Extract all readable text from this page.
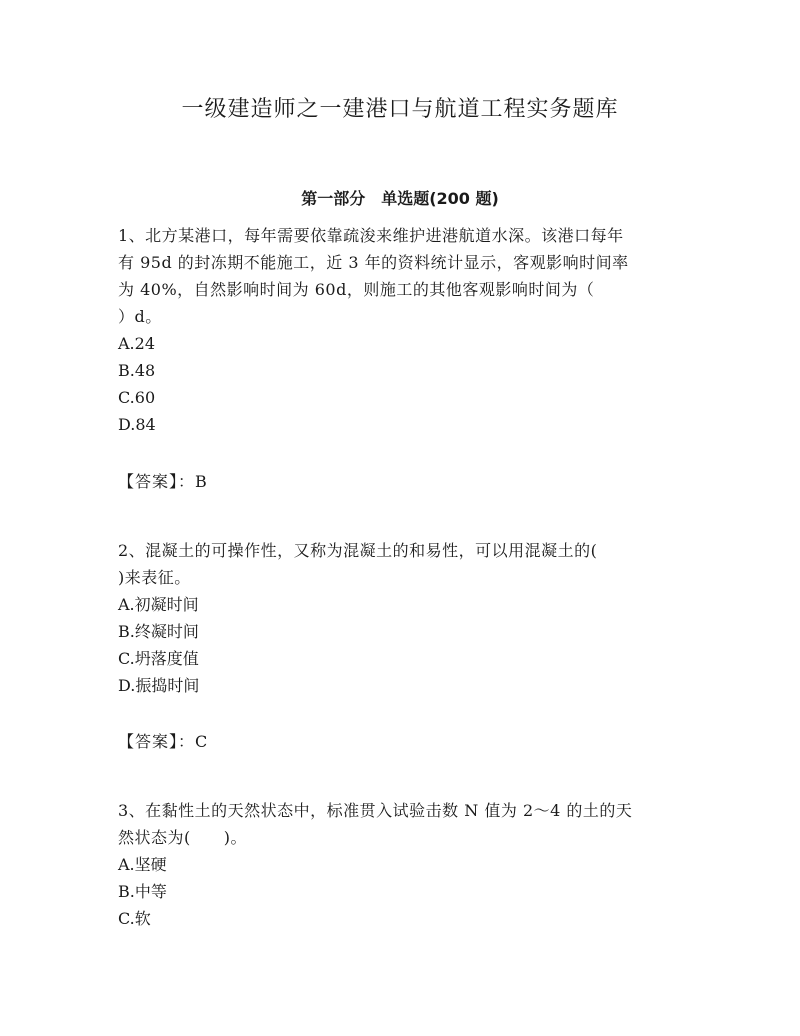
一级建造师之一建港口与航道工程实务题库
第一部分　单选题(200 题)

1、北方某港口，每年需要依靠疏浚来维护进港航道水深。该港口每年

有 95d 的封冻期不能施工，近 3 年的资料统计显示，客观影响时间率

为 40%，自然影响时间为 60d，则施工的其他客观影响时间为（

）d。

A.24
B.48
C.60
D.84
【答案】：B

2、混凝土的可操作性，又称为混凝土的和易性，可以用混凝土的(

)来表征。

A.初凝时间
B.终凝时间
C.坍落度值
D.振捣时间
【答案】：C

3、在黏性土的天然状态中，标准贯入试验击数 N 值为 2～4 的土的天

然状态为(　　)。

A.坚硬
B.中等
C.软
